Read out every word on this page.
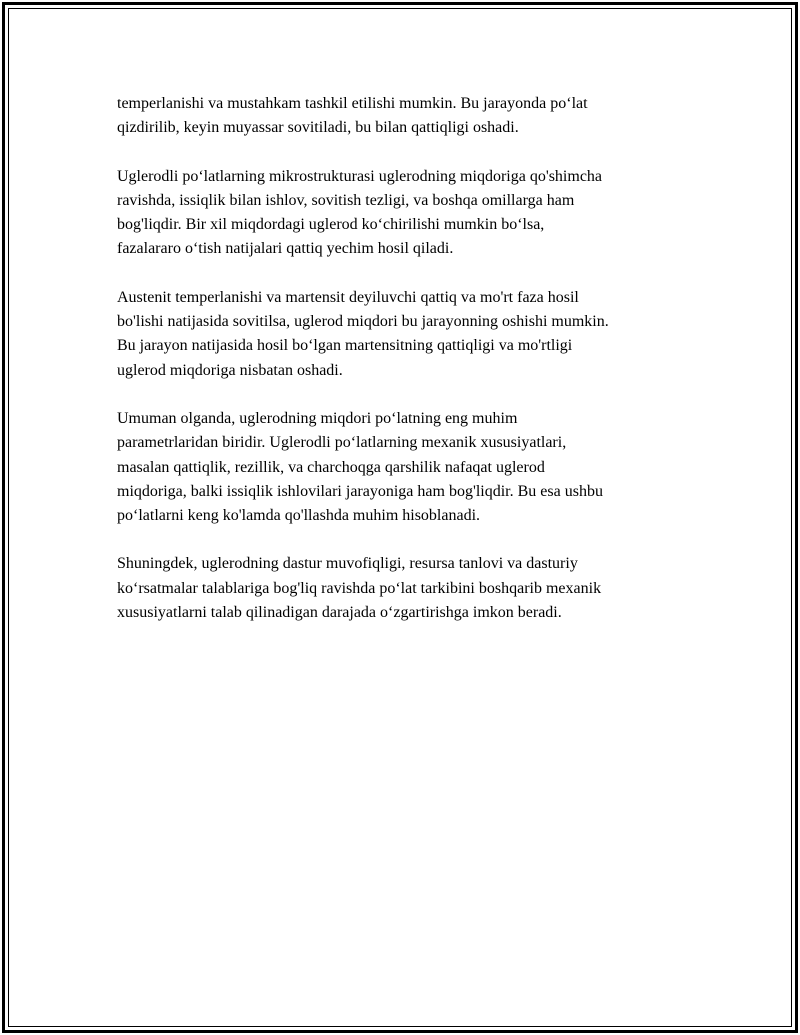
temperlanishi va mustahkam tashkil etilishi mumkin. Bu jarayonda po‘lat
qizdirilib, keyin muyassar sovitiladi, bu bilan qattiqligi oshadi.

Uglerodli po‘latlarning mikrostrukturasi uglerodning miqdoriga qo'shimcha
ravishda, issiqlik bilan ishlov, sovitish tezligi, va boshqa omillarga ham
bog'liqdir. Bir xil miqdordagi uglerod ko‘chirilishi mumkin bo‘lsa,
fazalararo o‘tish natijalari qattiq yechim hosil qiladi.

Austenit temperlanishi va martensit deyiluvchi qattiq va mo'rt faza hosil
bo'lishi natijasida sovitilsa, uglerod miqdori bu jarayonning oshishi mumkin.
Bu jarayon natijasida hosil bo‘lgan martensitning qattiqligi va mo'rtligi
uglerod miqdoriga nisbatan oshadi.

Umuman olganda, uglerodning miqdori po‘latning eng muhim
parametrlaridan biridir. Uglerodli po‘latlarning mexanik xususiyatlari,
masalan qattiqlik, rezillik, va charchoqga qarshilik nafaqat uglerod
miqdoriga, balki issiqlik ishlovilari jarayoniga ham bog'liqdir. Bu esa ushbu
po‘latlarni keng ko'lamda qo'llashda muhim hisoblanadi.

Shuningdek, uglerodning dastur muvofiqligi, resursa tanlovi va dasturiy
ko‘rsatmalar talablariga bog'liq ravishda po‘lat tarkibini boshqarib mexanik
xususiyatlarni talab qilinadigan darajada o‘zgartirishga imkon beradi.
